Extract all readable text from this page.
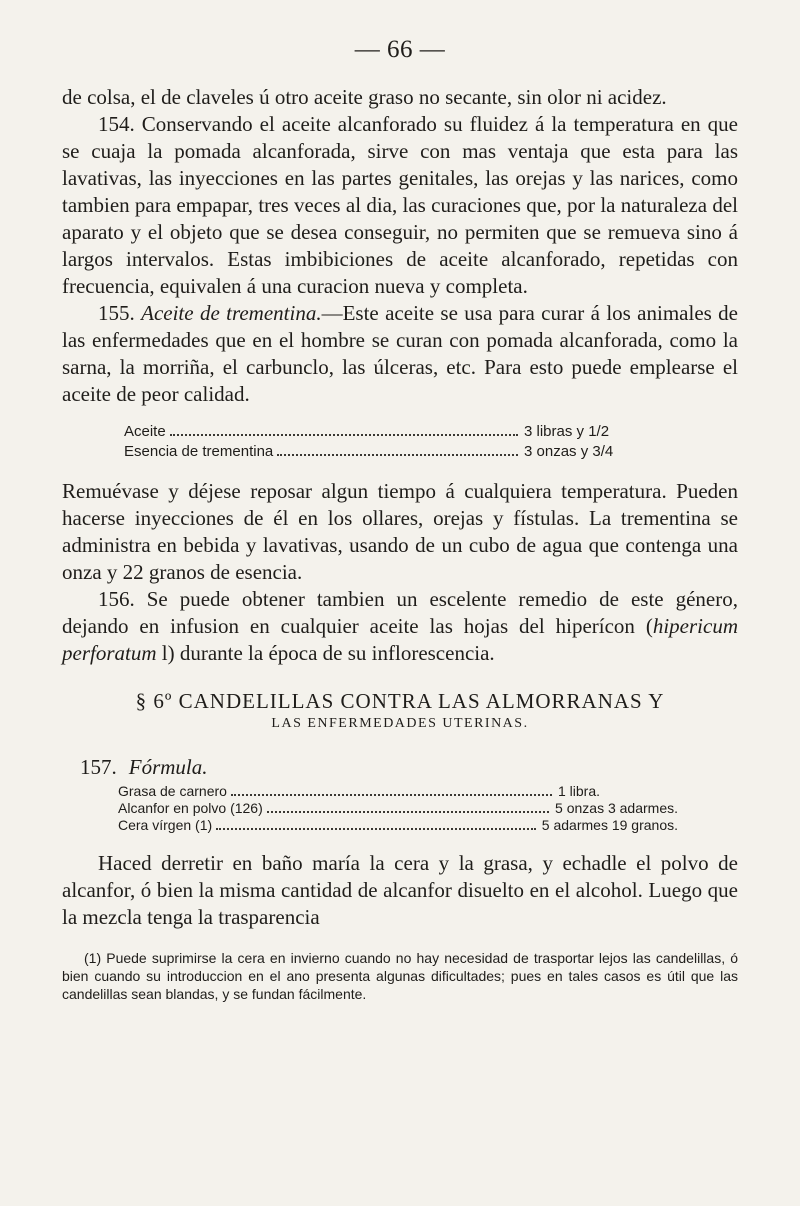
— 66 —

de colsa, el de claveles ú otro aceite graso no secante, sin olor ni acidez.

154. Conservando el aceite alcanforado su fluidez á la temperatura en que se cuaja la pomada alcanforada, sirve con mas ventaja que esta para las lavativas, las inyecciones en las partes genitales, las orejas y las narices, como tambien para empapar, tres veces al dia, las curaciones que, por la naturaleza del aparato y el objeto que se desea conseguir, no permiten que se remueva sino á largos intervalos. Estas imbibiciones de aceite alcanforado, repetidas con frecuencia, equivalen á una curacion nueva y completa.

155. Aceite de trementina.—Este aceite se usa para curar á los animales de las enfermedades que en el hombre se curan con pomada alcanforada, como la sarna, la morriña, el carbunclo, las úlceras, etc. Para esto puede emplearse el aceite de peor calidad.

Aceite	3 libras y 1/2
Esencia de trementina	3 onzas y 3/4

Remuévase y déjese reposar algun tiempo á cualquiera temperatura. Pueden hacerse inyecciones de él en los ollares, orejas y fístulas. La trementina se administra en bebida y lavativas, usando de un cubo de agua que contenga una onza y 22 granos de esencia.

156. Se puede obtener tambien un escelente remedio de este género, dejando en infusion en cualquier aceite las hojas del hiperícon (hipericum perforatum l) durante la época de su inflorescencia.

§ 6º CANDELILLAS CONTRA LAS ALMORRANAS Y
LAS ENFERMEDADES UTERINAS.
157. Fórmula.
Grasa de carnero	1 libra.
Alcanfor en polvo (126)	5 onzas 3 adarmes.
Cera vírgen (1)	5 adarmes 19 granos.

Haced derretir en baño maría la cera y la grasa, y echadle el polvo de alcanfor, ó bien la misma cantidad de alcanfor disuelto en el alcohol. Luego que la mezcla tenga la trasparencia

(1) Puede suprimirse la cera en invierno cuando no hay necesidad de trasportar lejos las candelillas, ó bien cuando su introduccion en el ano presenta algunas dificultades; pues en tales casos es útil que las candelillas sean blandas, y se fundan fácilmente.
